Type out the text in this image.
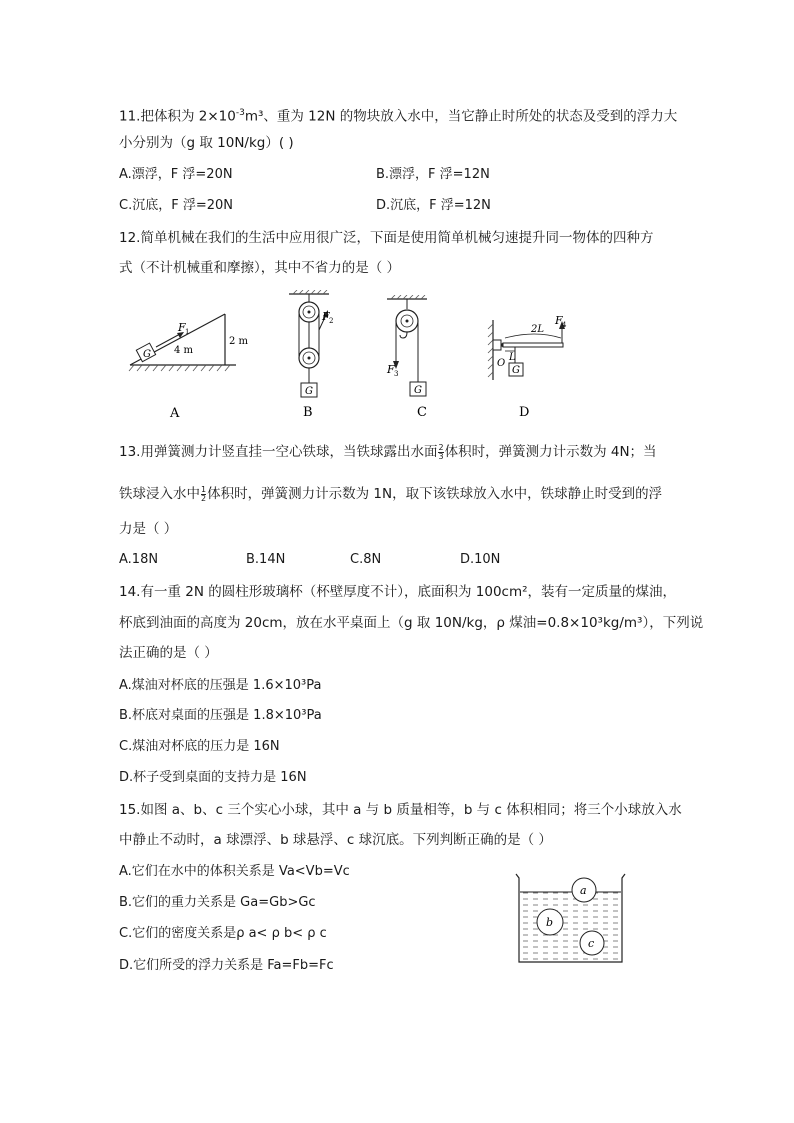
11.把体积为 $2\times 10^{-3}m^3$、重为 12N 的物块放入水中，当它静止时所处的状态及受到的浮力大
小分别为（g 取 10N/kg）( )
A.漂浮，F 浮=20N	B.漂浮，F 浮=12N
C.沉底，F 浮=20N	D.沉底，F 浮=12N
12.简单机械在我们的生活中应用很广泛，下面是使用简单机械匀速提升同一物体的四种方
式（不计机械重和摩擦），其中不省力的是（ ）
G
F 1
4 m
2 m
A
G
F 2
B
G
F 3
C
G
F 4
2L
L
O
D
13.用弹簧测力计竖直挂一空心铁球，当铁球露出水面 $\frac{2}{3}$ 体积时，弹簧测力计示数为 4N；当
铁球浸入水中 $\frac{1}{2}$ 体积时，弹簧测力计示数为 1N，取下该铁球放入水中，铁球静止时受到的浮
力是（ ）
A.18N	B.14N	C.8N	D.10N
14.有一重 2N 的圆柱形玻璃杯（杯壁厚度不计），底面积为 100cm²，装有一定质量的煤油，
杯底到油面的高度为 20cm，放在水平桌面上（g 取 10N/kg，ρ 煤油=0.8×10³kg/m³），下列说
法正确的是（ ）
A.煤油对杯底的压强是 1.6×10³Pa
B.杯底对桌面的压强是 1.8×10³Pa
C.煤油对杯底的压力是 16N
D.杯子受到桌面的支持力是 16N
15.如图 a、b、c 三个实心小球，其中 a 与 b 质量相等，b 与 c 体积相同；将三个小球放入水
中静止不动时，a 球漂浮、b 球悬浮、c 球沉底。下列判断正确的是（ ）
A.它们在水中的体积关系是 Va<Vb=Vc
B.它们的重力关系是 Ga=Gb>Gc
C.它们的密度关系是ρ a< ρ b< ρ c
D.它们所受的浮力关系是 Fa=Fb=Fc
a
b
c
